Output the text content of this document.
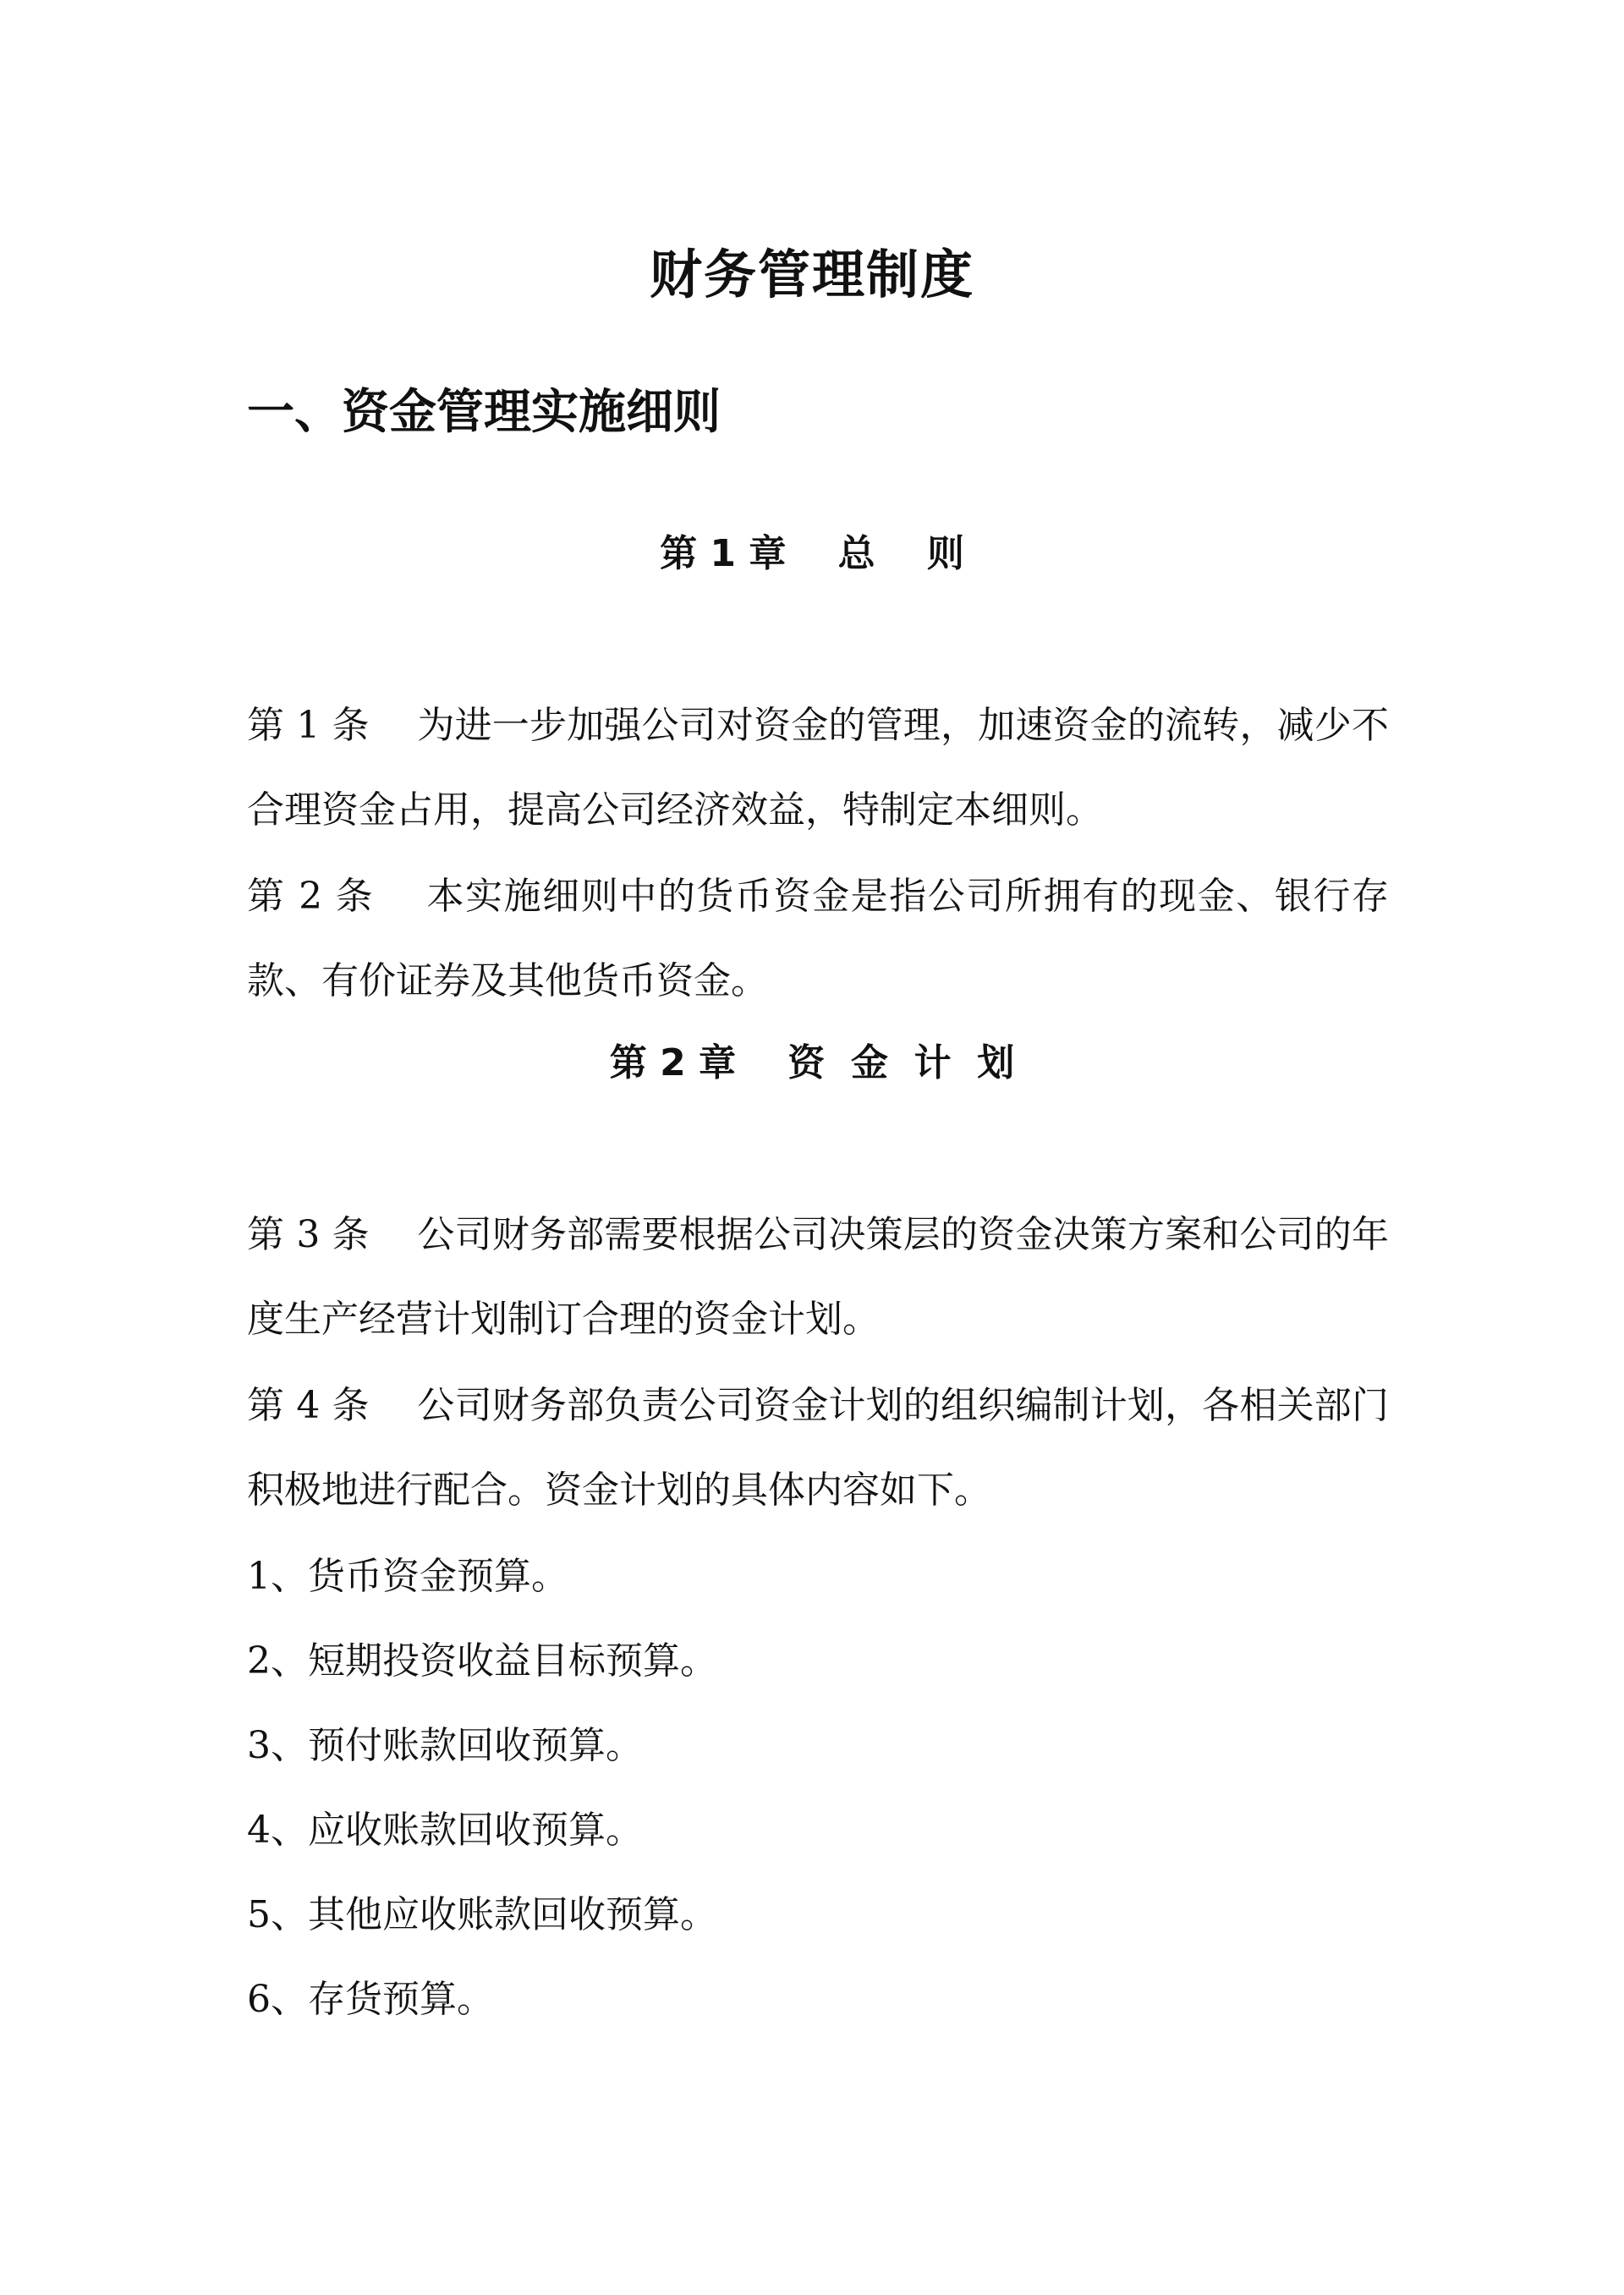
财务管理制度
一、资金管理实施细则
第 1 章    总    则

第 1 条    为进一步加强公司对资金的管理，加速资金的流转，减少不合理资金占用，提高公司经济效益，特制定本细则。

第 2 条    本实施细则中的货币资金是指公司所拥有的现金、银行存款、有价证券及其他货币资金。

第 2 章    资  金  计  划

第 3 条    公司财务部需要根据公司决策层的资金决策方案和公司的年度生产经营计划制订合理的资金计划。

第 4 条    公司财务部负责公司资金计划的组织编制计划，各相关部门积极地进行配合。资金计划的具体内容如下。

1、货币资金预算。

2、短期投资收益目标预算。

3、预付账款回收预算。

4、应收账款回收预算。

5、其他应收账款回收预算。

6、存货预算。
